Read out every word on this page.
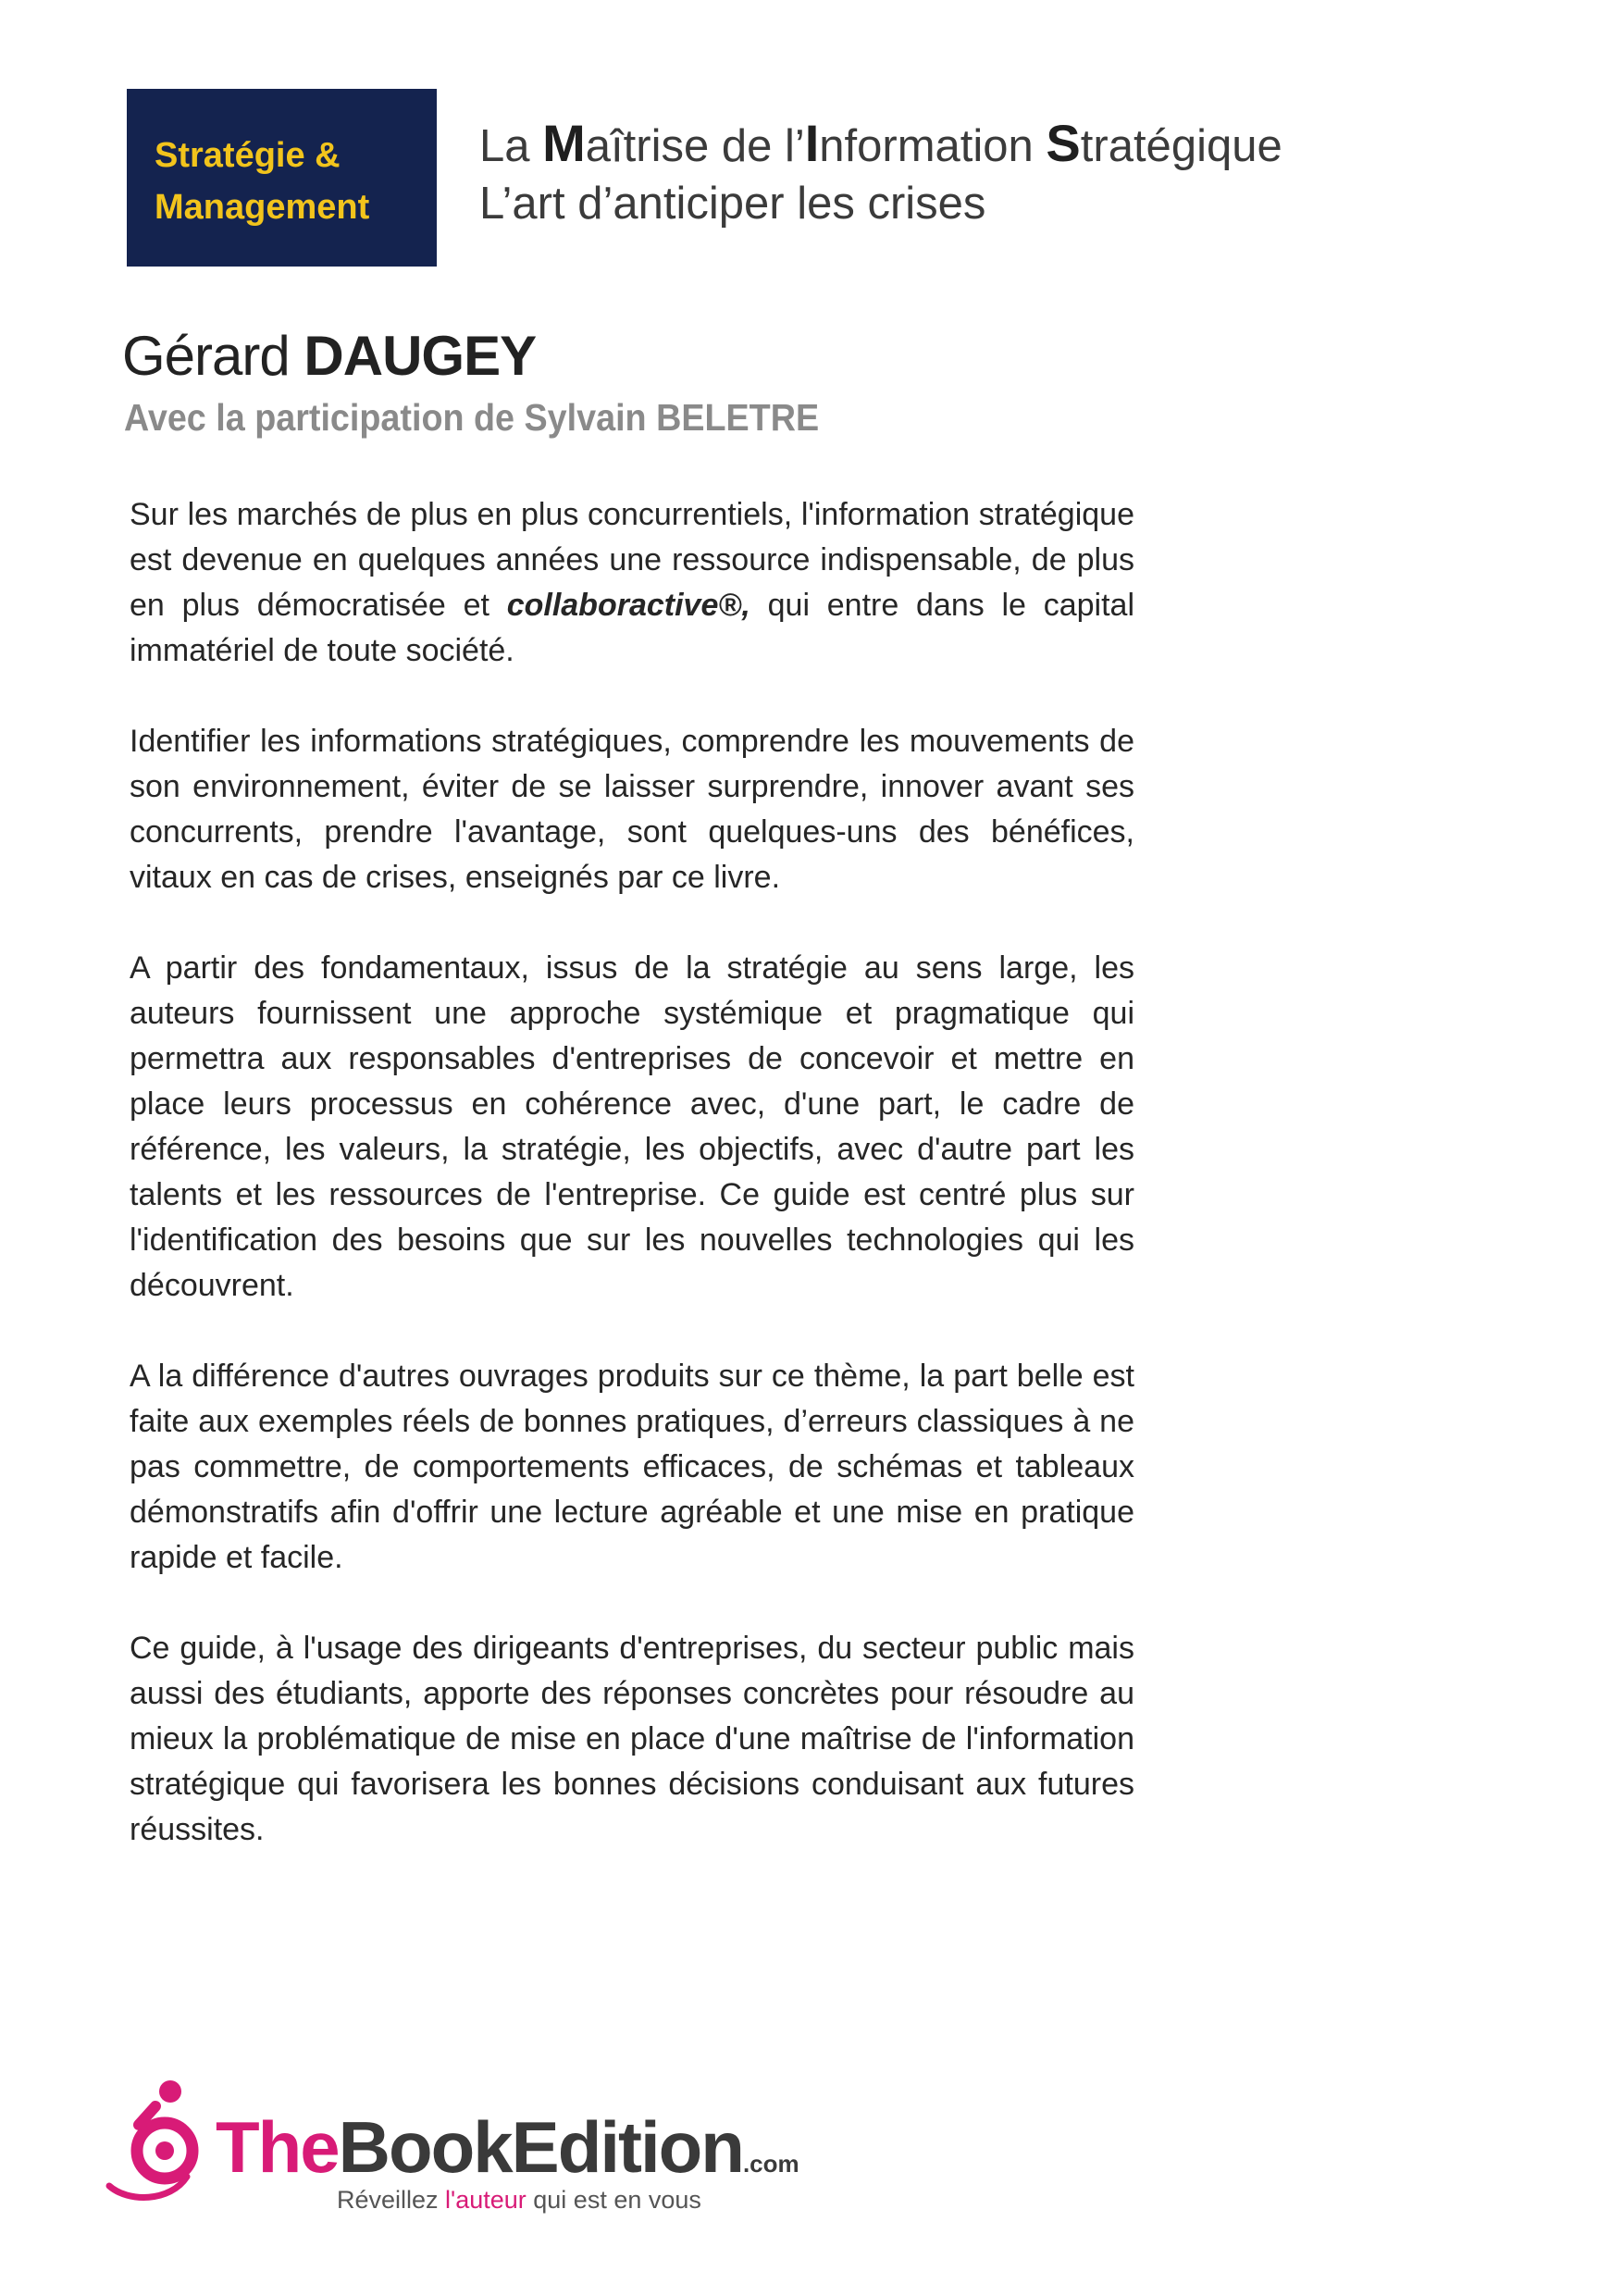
Stratégie &
Management
La Maîtrise de l’Information Stratégique
L’art d’anticiper les crises
Gérard DAUGEY
Avec la participation de Sylvain BELETRE

Sur les marchés de plus en plus concurrentiels, l'information stratégique est devenue en quelques années une ressource indispensable, de plus en plus démocratisée et collaboractive®, qui entre dans le capital immatériel de toute société.

Identifier les informations stratégiques, comprendre les mouvements de son environnement, éviter de se laisser surprendre, innover avant ses concurrents, prendre l'avantage, sont quelques-uns des bénéfices, vitaux en cas de crises, enseignés par ce livre.

A partir des fondamentaux, issus de la stratégie au sens large, les auteurs fournissent une approche systémique et pragmatique qui permettra aux responsables d'entreprises de concevoir et mettre en place leurs processus en cohérence avec, d'une part, le cadre de référence, les valeurs, la stratégie, les objectifs, avec d'autre part les talents et les ressources de l'entreprise. Ce guide est centré plus sur l'identification des besoins que sur les nouvelles technologies qui les découvrent.

A la différence d'autres ouvrages produits sur ce thème, la part belle est faite aux exemples réels de bonnes pratiques, d’erreurs classiques à ne pas commettre, de comportements efficaces, de schémas et tableaux démonstratifs afin d'offrir une lecture agréable et une mise en pratique rapide et facile.

Ce guide, à l'usage des dirigeants d'entreprises, du secteur public mais aussi des étudiants, apporte des réponses concrètes pour résoudre au mieux la problématique de mise en place d'une maîtrise de l'information stratégique qui favorisera les bonnes décisions conduisant aux futures réussites.

TheBookEdition.com
Réveillez l'auteur qui est en vous
